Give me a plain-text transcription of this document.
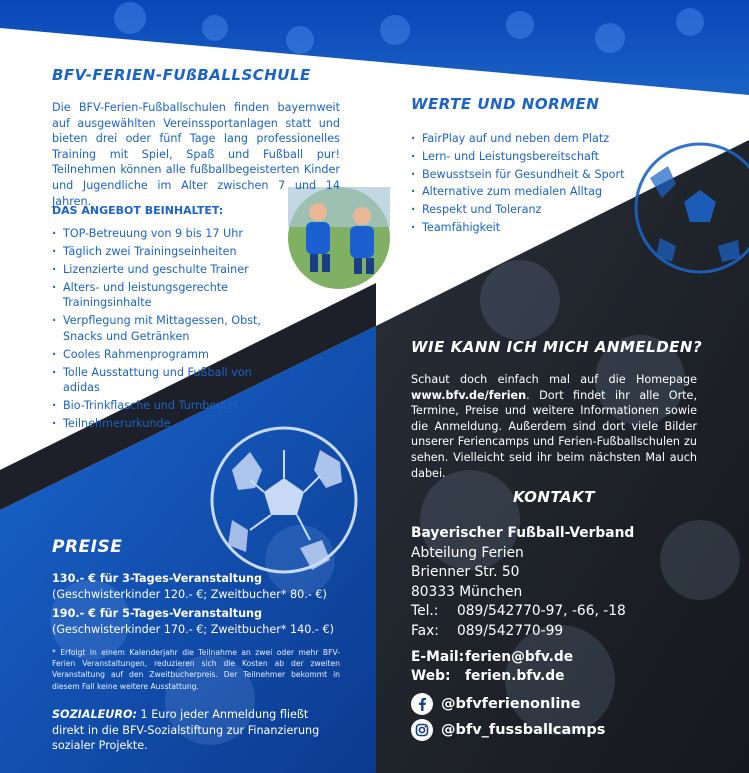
BFV-FERIEN-FUßBALLSCHULE

Die BFV-Ferien-Fußballschulen finden bayernweit auf ausgewählten Vereinssportanlagen statt und bieten drei oder fünf Tage lang professionelles Training mit Spiel, Spaß und Fußball pur! Teilnehmen können alle fußballbegeisterten Kinder und Jugendliche im Alter zwischen 7 und 14 Jahren.

DAS ANGEBOT BEINHALTET:

· TOP-Betreuung von 9 bis 17 Uhr
· Täglich zwei Trainingseinheiten
· Lizenzierte und geschulte Trainer
· Alters- und leistungsgerechte Trainingsinhalte
· Verpflegung mit Mittagessen, Obst, Snacks und Getränken
· Cooles Rahmenprogramm
· Tolle Ausstattung und Fußball von adidas
· Bio-Trinkflasche und Turnbeutel
· Teilnehmerurkunde
WERTE UND NORMEN
· FairPlay auf und neben dem Platz
· Lern- und Leistungsbereitschaft
· Bewusstsein für Gesundheit & Sport
· Alternative zum medialen Alltag
· Respekt und Toleranz
· Teamfähigkeit
WIE KANN ICH MICH ANMELDEN?

Schaut doch einfach mal auf die Homepage www.bfv.de/ferien. Dort findet ihr alle Orte, Termine, Preise und weitere Informationen sowie die Anmeldung. Außerdem sind dort viele Bilder unserer Feriencamps und Ferien-Fußballschulen zu sehen. Vielleicht seid ihr beim nächsten Mal auch dabei.

KONTAKT
Bayerischer Fußball-Verband
Abteilung Ferien
Brienner Str. 50
80333 München
Tel.: 089/542770-97, -66, -18
Fax: 089/542770-99
E-Mail:ferien@bfv.de
Web: ferien.bfv.de
@bfvferienonline
@bfv_fussballcamps
PREISE
130.- € für 3-Tages-Veranstaltung
(Geschwisterkinder 120.- €; Zweitbucher* 80.- €)
190.- € für 5-Tages-Veranstaltung
(Geschwisterkinder 170.- €; Zweitbucher* 140.- €)

* Erfolgt in einem Kalenderjahr die Teilnahme an zwei oder mehr BFV-Ferien Veranstaltungen, reduzieren sich die Kosten ab der zweiten Veranstaltung auf den Zweitbucherpreis. Der Teilnehmer bekommt in diesem Fall keine weitere Ausstattung.

SOZIALEURO: 1 Euro jeder Anmeldung fließt direkt in die BFV-Sozialstiftung zur Finanzierung sozialer Projekte.
